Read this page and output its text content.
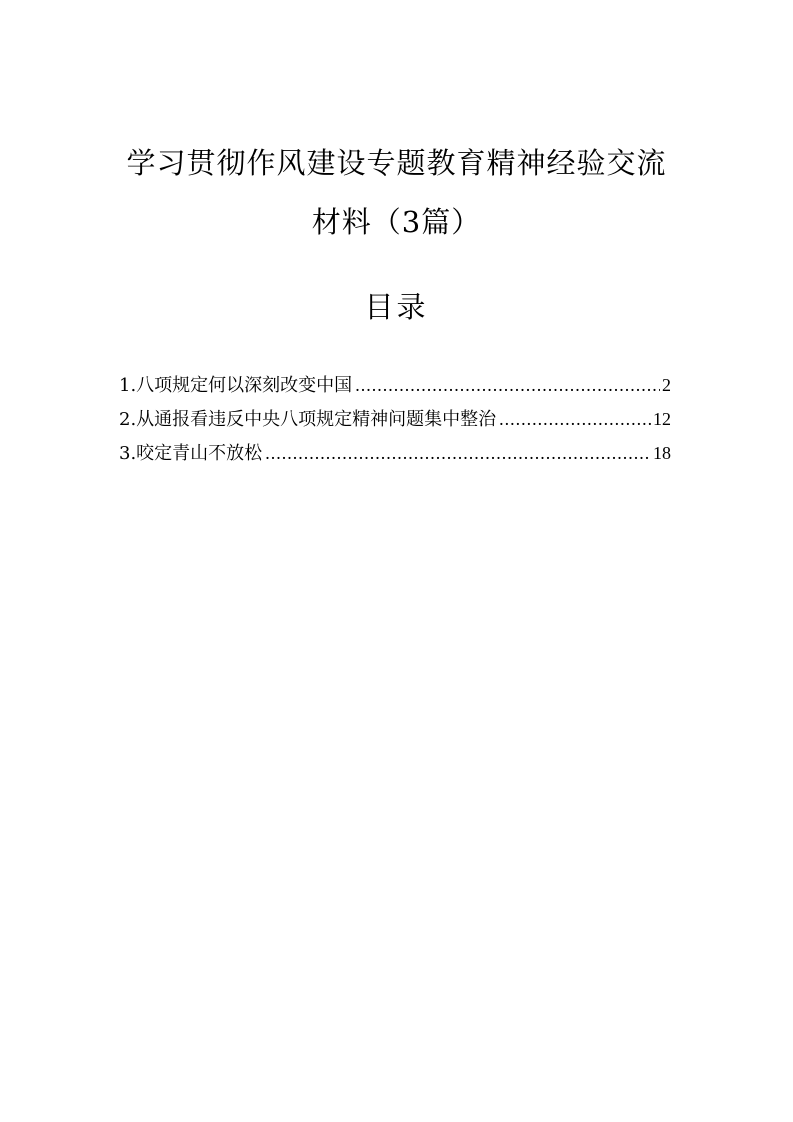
学习贯彻作风建设专题教育精神经验交流
材料（3篇）
目录
1.八项规定何以深刻改变中国 .....	2
2.从通报看违反中央八项规定精神问题集中整治 .....	12
3.咬定青山不放松 .....	18
